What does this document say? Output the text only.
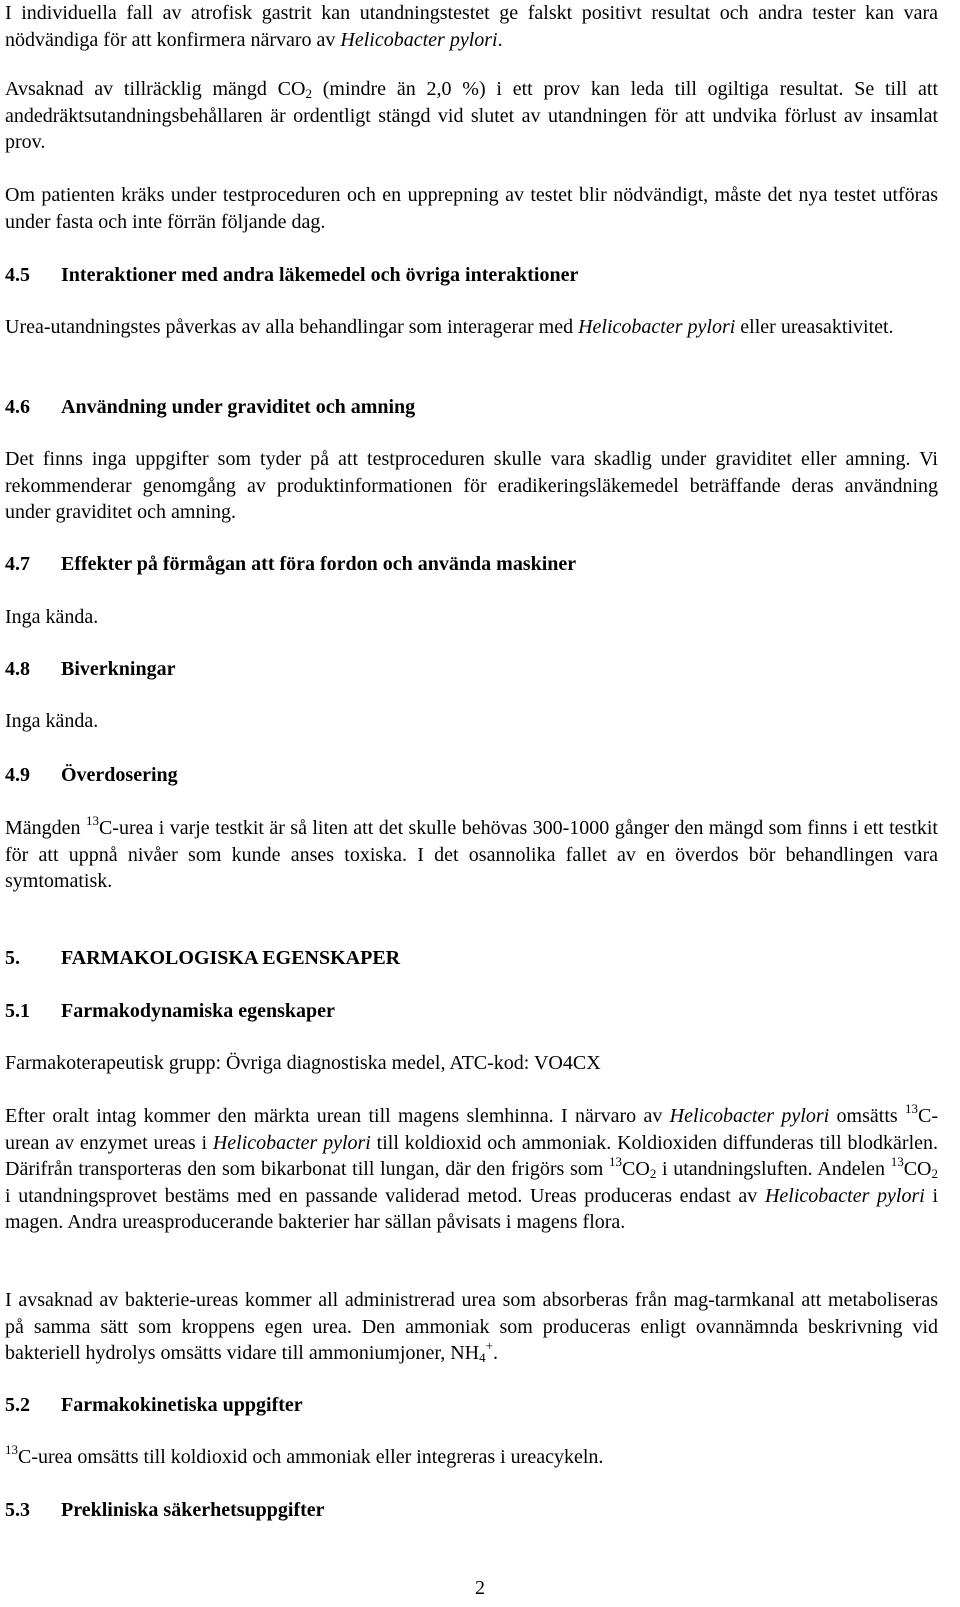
I individuella fall av atrofisk gastrit kan utandningstestet ge falskt positivt resultat och andra tester kan vara nödvändiga för att konfirmera närvaro av Helicobacter pylori.

Avsaknad av tillräcklig mängd $CO_2$ (mindre än 2,0 %) i ett prov kan leda till ogiltiga resultat. Se till att andedräktsutandningsbehållaren är ordentligt stängd vid slutet av utandningen för att undvika förlust av insamlat prov.

Om patienten kräks under testproceduren och en upprepning av testet blir nödvändigt, måste det nya testet utföras under fasta och inte förrän följande dag.

4.5	Interaktioner med andra läkemedel och övriga interaktioner

Urea-utandningstes påverkas av alla behandlingar som interagerar med Helicobacter pylori eller ureasaktivitet.

4.6	Användning under graviditet och amning

Det finns inga uppgifter som tyder på att testproceduren skulle vara skadlig under graviditet eller amning. Vi rekommenderar genomgång av produktinformationen för eradikeringsläkemedel beträffande deras användning under graviditet och amning.

4.7	Effekter på förmågan att föra fordon och använda maskiner

Inga kända.

4.8	Biverkningar

Inga kända.

4.9	Överdosering

Mängden $^{13}$C-urea i varje testkit är så liten att det skulle behövas 300-1000 gånger den mängd som finns i ett testkit för att uppnå nivåer som kunde anses toxiska. I det osannolika fallet av en överdos bör behandlingen vara symtomatisk.

5.	FARMAKOLOGISKA EGENSKAPER
5.1	Farmakodynamiska egenskaper

Farmakoterapeutisk grupp: Övriga diagnostiska medel, ATC-kod: VO4CX

Efter oralt intag kommer den märkta urean till magens slemhinna. I närvaro av Helicobacter pylori omsätts $^{13}$C-urean av enzymet ureas i Helicobacter pylori till koldioxid och ammoniak. Koldioxiden diffunderas till blodkärlen. Därifrån transporteras den som bikarbonat till lungan, där den frigörs som $^{13}CO_2$ i utandningsluften. Andelen $^{13}CO_2$ i utandningsprovet bestäms med en passande validerad metod. Ureas produceras endast av Helicobacter pylori i magen. Andra ureasproducerande bakterier har sällan påvisats i magens flora.

I avsaknad av bakterie-ureas kommer all administrerad urea som absorberas från mag-tarmkanal att metaboliseras på samma sätt som kroppens egen urea. Den ammoniak som produceras enligt ovannämnda beskrivning vid bakteriell hydrolys omsätts vidare till ammoniumjoner, $NH_4^+$.

5.2	Farmakokinetiska uppgifter

$^{13}$C-urea omsätts till koldioxid och ammoniak eller integreras i ureacykeln.

5.3	Prekliniska säkerhetsuppgifter
2
